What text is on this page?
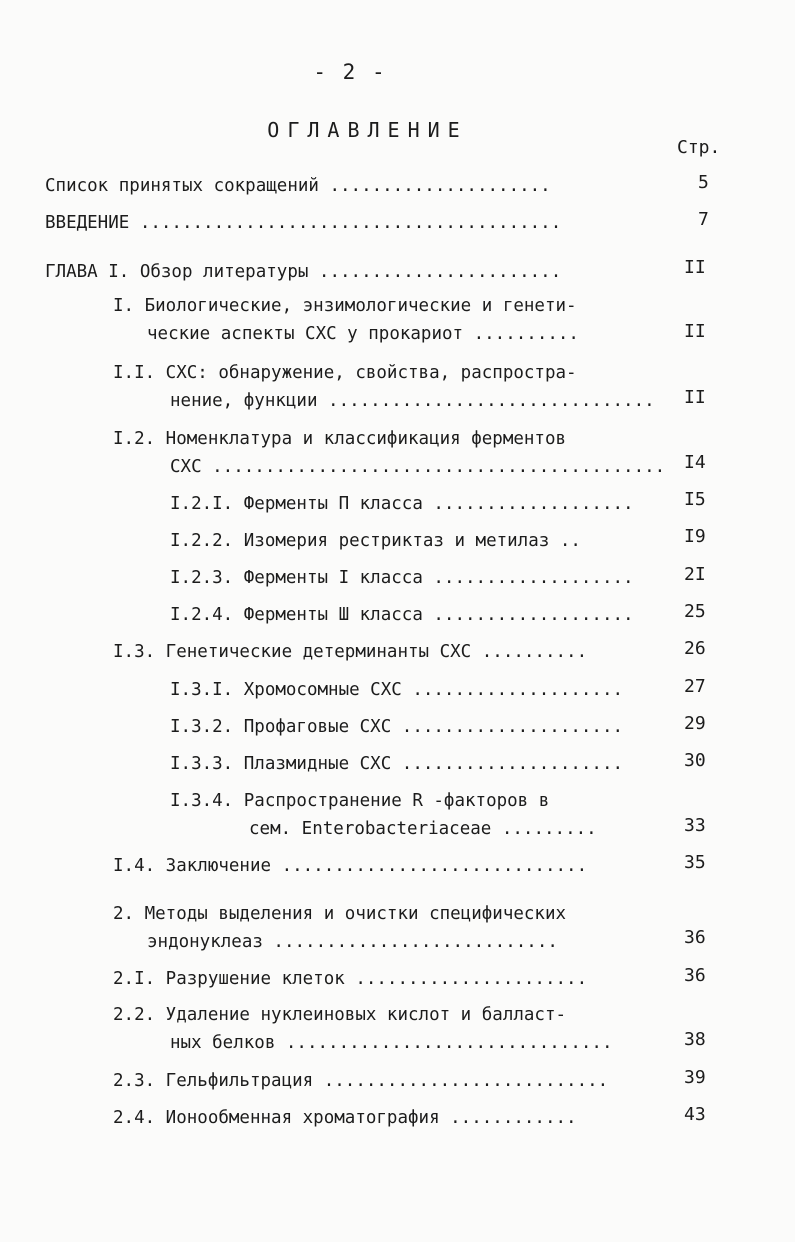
- 2 -
ОГЛАВЛЕНИЕ
Стр.
Список принятых сокращений .....................	5
ВВЕДЕНИЕ ........................................	7
ГЛАВА I. Обзор литературы .......................	II
I. Биологические, энзимологические и генети-
ческие аспекты СХС у прокариот ..........	II
I.I. СХС: обнаружение, свойства, распростра-
нение, функции ............................... II
I.2. Номенклатура и классификация ферментов
СХС ........................................... I4
I.2.I. Ферменты П класса ...................	I5
I.2.2. Изомерия рестриктаз и метилаз ..	I9
I.2.3. Ферменты I класса ...................	2I
I.2.4. Ферменты Ш класса ...................	25
I.3. Генетические детерминанты СХС ..........	26
I.3.I. Хромосомные СХС ....................	27
I.3.2. Профаговые СХС .....................	29
I.3.3. Плазмидные СХС .....................	30
I.3.4. Распространение R -факторов в
сем. Enterobacteriaceae .........	33
I.4. Заключение .............................	35
2. Методы выделения и очистки специфических
эндонуклеаз ...........................	36
2.I. Разрушение клеток ......................	36
2.2. Удаление нуклеиновых кислот и балласт-
ных белков ...............................	38
2.3. Гельфильтрация ...........................	39
2.4. Ионообменная хроматография ............	43
